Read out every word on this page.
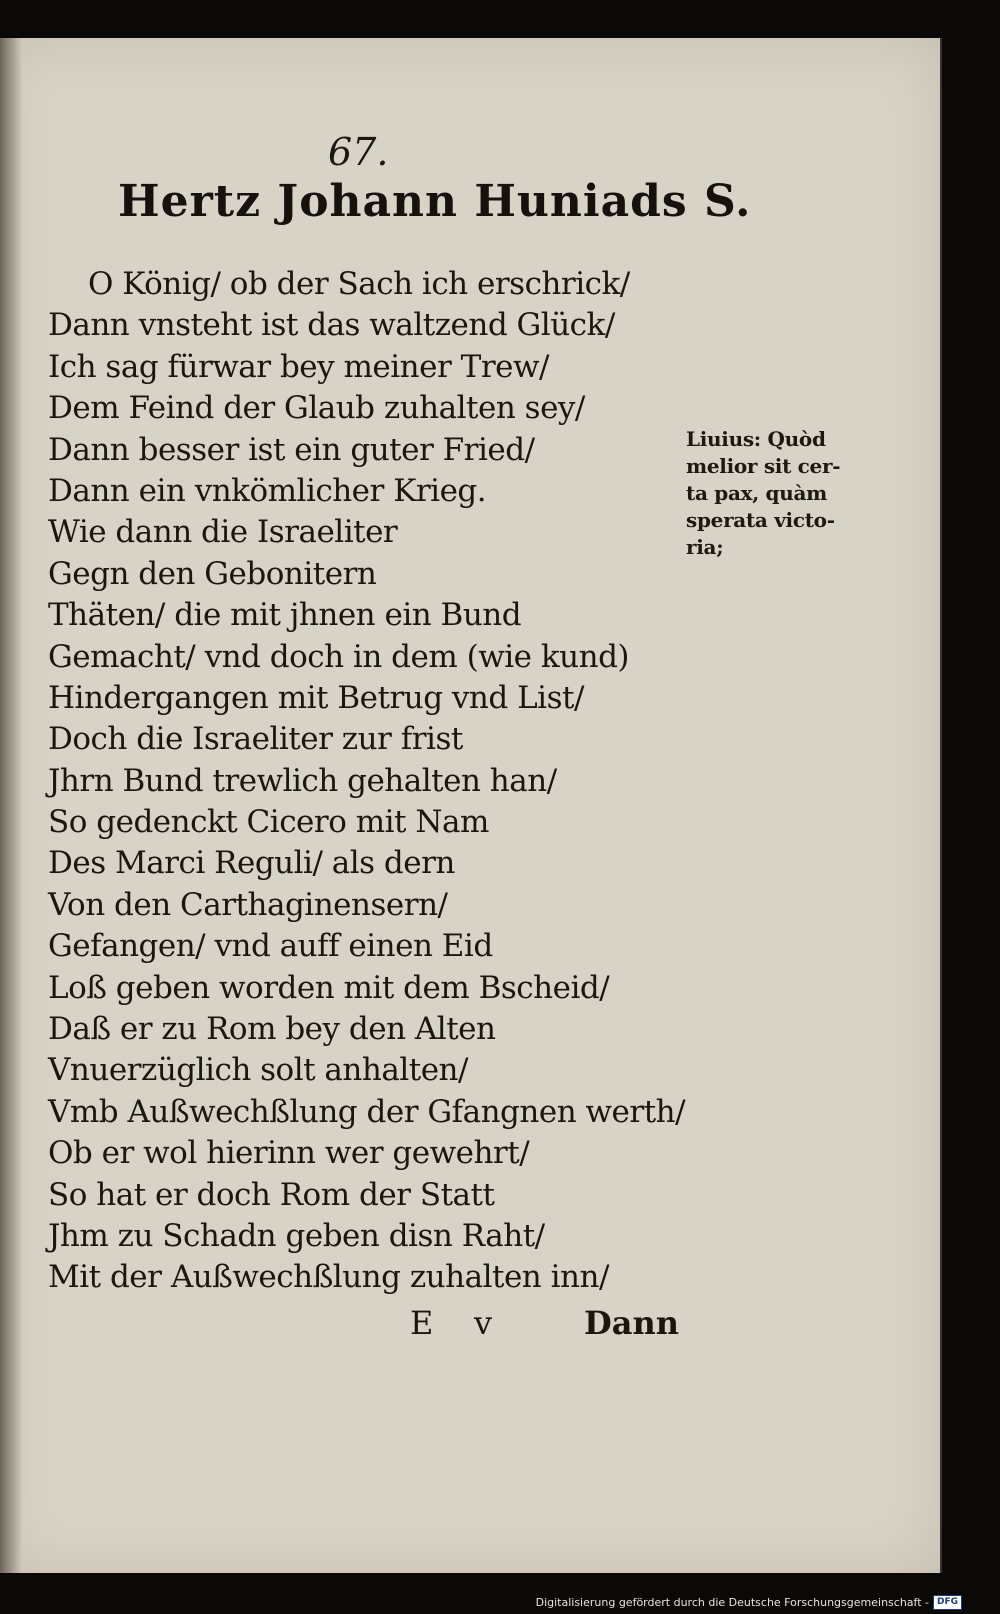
67.
Hertz Johann Huniads S.
O König/ ob der Sach ich erschrick/
Dann vnsteht ist das waltzend Glück/
Ich sag fürwar bey meiner Trew/
Dem Feind der Glaub zuhalten sey/
Dann besser ist ein guter Fried/
Dann ein vnkömlicher Krieg.
Wie dann die Israeliter
Gegn den Gebonitern
Thäten/ die mit jhnen ein Bund
Gemacht/ vnd doch in dem (wie kund)
Hindergangen mit Betrug vnd List/
Doch die Israeliter zur frist
Jhrn Bund trewlich gehalten han/
So gedenckt Cicero mit Nam
Des Marci Reguli/ als dern
Von den Carthaginensern/
Gefangen/ vnd auff einen Eid
Loß geben worden mit dem Bscheid/
Daß er zu Rom bey den Alten
Vnuerzüglich solt anhalten/
Vmb Außwechßlung der Gfangnen werth/
Ob er wol hierinn wer gewehrt/
So hat er doch Rom der Statt
Jhm zu Schadn geben disn Raht/
Mit der Außwechßlung zuhalten inn/
E v	Dann
Liuius: Quòd
melior sit cer-
ta pax, quàm
sperata victo-
ria;
Digitalisierung gefördert durch die Deutsche Forschungsgemeinschaft - DFG
